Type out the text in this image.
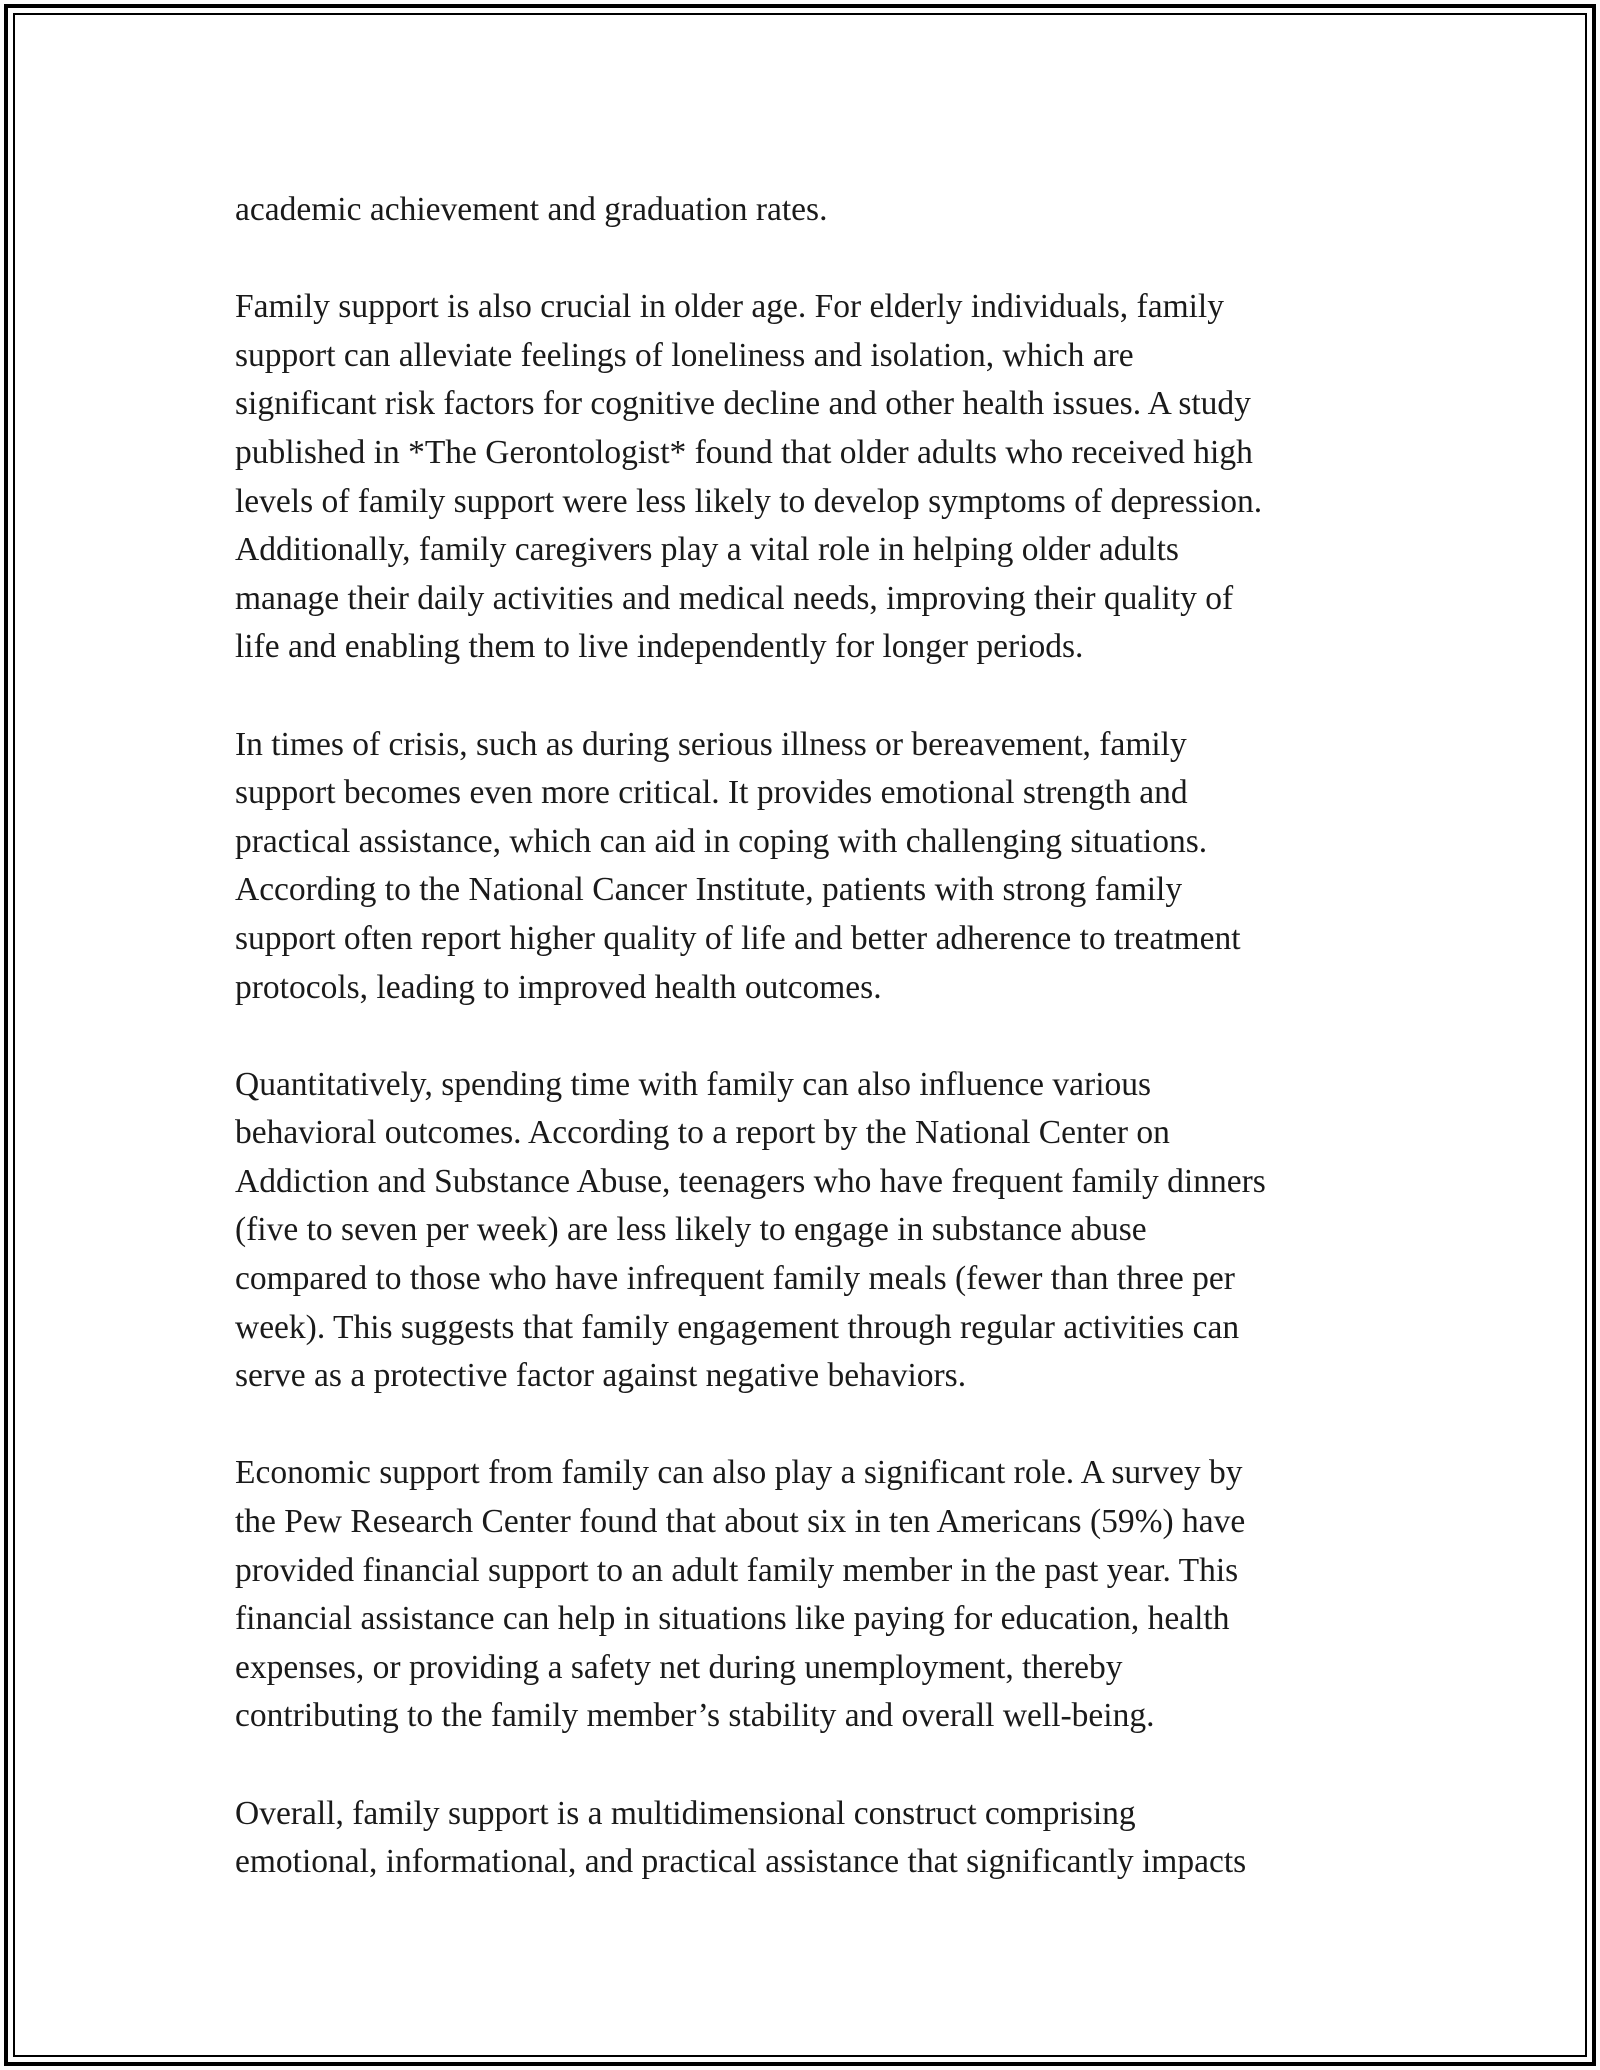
academic achievement and graduation rates.

Family support is also crucial in older age. For elderly individuals, family
support can alleviate feelings of loneliness and isolation, which are
significant risk factors for cognitive decline and other health issues. A study
published in *The Gerontologist* found that older adults who received high
levels of family support were less likely to develop symptoms of depression.
Additionally, family caregivers play a vital role in helping older adults
manage their daily activities and medical needs, improving their quality of
life and enabling them to live independently for longer periods.

In times of crisis, such as during serious illness or bereavement, family
support becomes even more critical. It provides emotional strength and
practical assistance, which can aid in coping with challenging situations.
According to the National Cancer Institute, patients with strong family
support often report higher quality of life and better adherence to treatment
protocols, leading to improved health outcomes.

Quantitatively, spending time with family can also influence various
behavioral outcomes. According to a report by the National Center on
Addiction and Substance Abuse, teenagers who have frequent family dinners
(five to seven per week) are less likely to engage in substance abuse
compared to those who have infrequent family meals (fewer than three per
week). This suggests that family engagement through regular activities can
serve as a protective factor against negative behaviors.

Economic support from family can also play a significant role. A survey by
the Pew Research Center found that about six in ten Americans (59%) have
provided financial support to an adult family member in the past year. This
financial assistance can help in situations like paying for education, health
expenses, or providing a safety net during unemployment, thereby
contributing to the family member’s stability and overall well-being.

Overall, family support is a multidimensional construct comprising
emotional, informational, and practical assistance that significantly impacts
